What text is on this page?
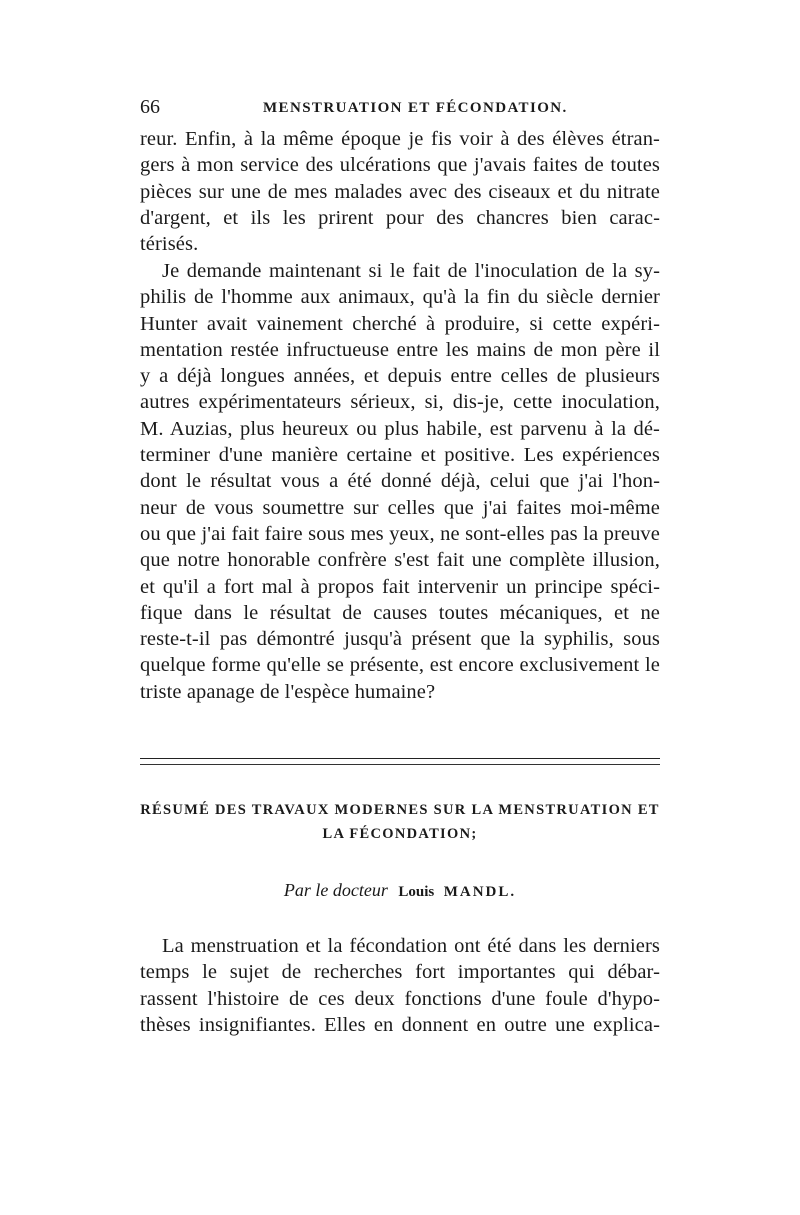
66	MENSTRUATION ET FÉCONDATION.

reur. Enfin, à la même époque je fis voir à des élèves étran-
gers à mon service des ulcérations que j'avais faites de toutes
pièces sur une de mes malades avec des ciseaux et du nitrate
d'argent, et ils les prirent pour des chancres bien carac-
térisés.

Je demande maintenant si le fait de l'inoculation de la sy-
philis de l'homme aux animaux, qu'à la fin du siècle dernier
Hunter avait vainement cherché à produire, si cette expéri-
mentation restée infructueuse entre les mains de mon père il
y a déjà longues années, et depuis entre celles de plusieurs
autres expérimentateurs sérieux, si, dis-je, cette inoculation,
M. Auzias, plus heureux ou plus habile, est parvenu à la dé-
terminer d'une manière certaine et positive. Les expériences
dont le résultat vous a été donné déjà, celui que j'ai l'hon-
neur de vous soumettre sur celles que j'ai faites moi-même
ou que j'ai fait faire sous mes yeux, ne sont-elles pas la preuve
que notre honorable confrère s'est fait une complète illusion,
et qu'il a fort mal à propos fait intervenir un principe spéci-
fique dans le résultat de causes toutes mécaniques, et ne
reste-t-il pas démontré jusqu'à présent que la syphilis, sous
quelque forme qu'elle se présente, est encore exclusivement le
triste apanage de l'espèce humaine?

RÉSUMÉ DES TRAVAUX MODERNES SUR LA MENSTRUATION ET
LA FÉCONDATION;
Par le docteur Louis MANDL.

La menstruation et la fécondation ont été dans les derniers
temps le sujet de recherches fort importantes qui débar-
rassent l'histoire de ces deux fonctions d'une foule d'hypo-
thèses insignifiantes. Elles en donnent en outre une explica-
